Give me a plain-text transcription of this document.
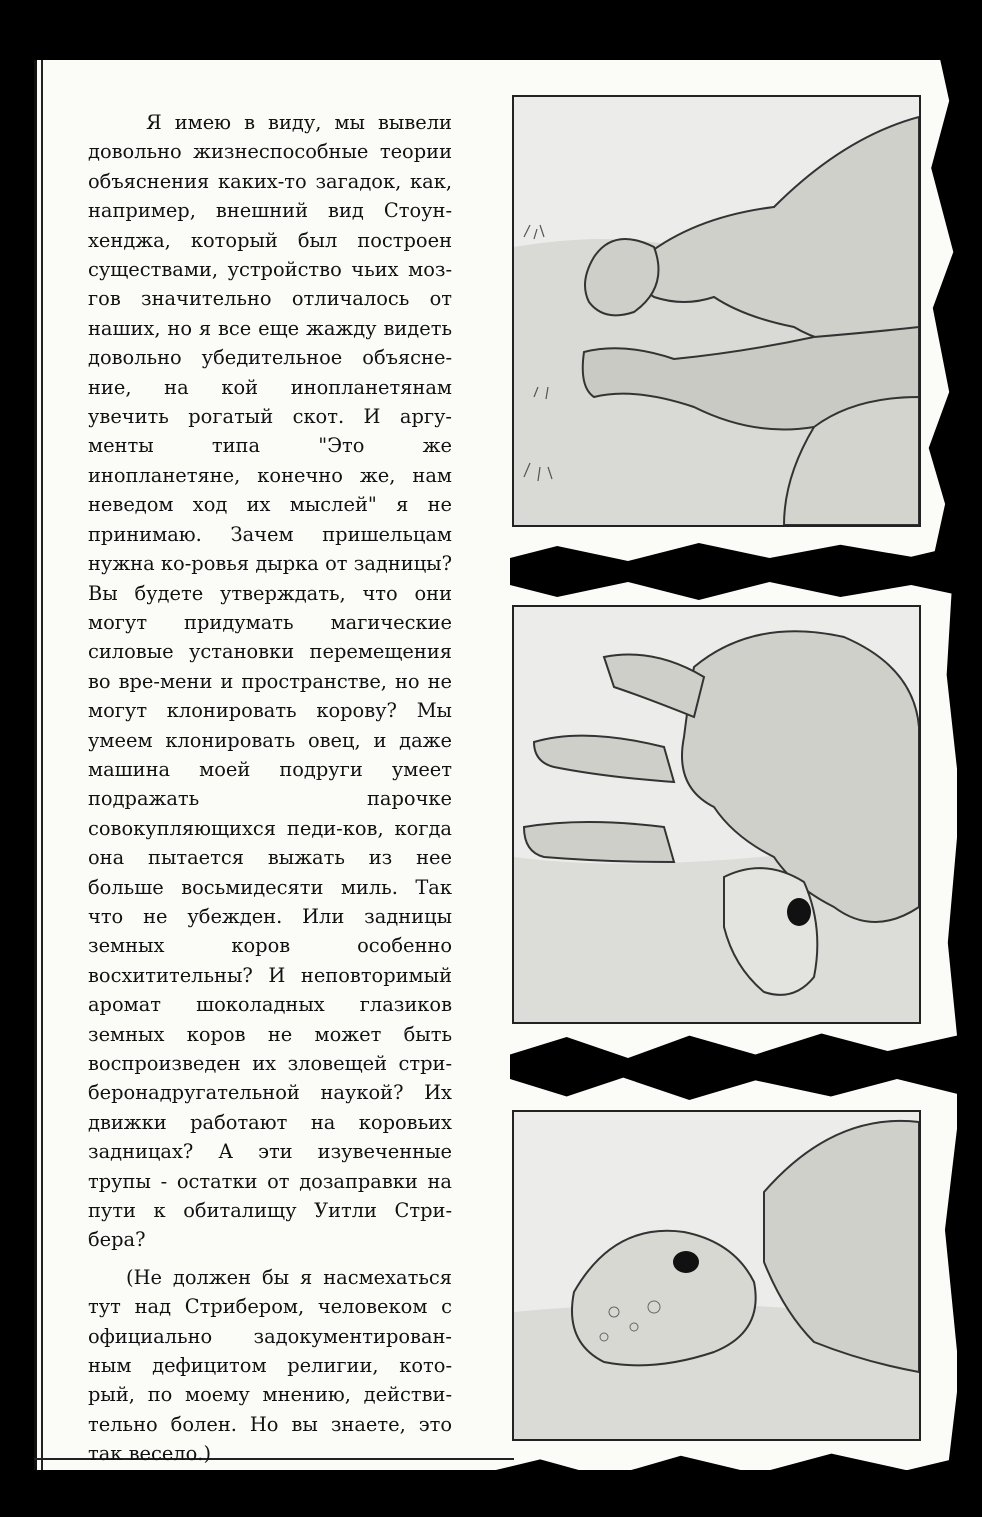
Я имею в виду, мы вывели довольно жизнеспособные теории объяснения каких-то загадок, как, например, внешний вид Стоун-хенджа, который был построен существами, устройство чьих моз-гов значительно отличалось от наших, но я все еще жажду видеть довольно убедительное объясне-ние, на кой инопланетянам увечить рогатый скот. И аргу-менты типа "Это же инопланетяне, конечно же, нам неведом ход их мыслей" я не принимаю. Зачем пришельцам нужна ко-ровья дырка от задницы? Вы будете утверждать, что они могут придумать магические силовые установки перемещения во вре-мени и пространстве, но не могут клонировать корову? Мы умеем клонировать овец, и даже машина моей подруги умеет подражать парочке совокупляющихся педи-ков, когда она пытается выжать из нее больше восьмидесяти миль. Так что не убежден. Или задницы земных коров особенно восхитительны? И неповторимый аромат шоколадных глазиков земных коров не может быть воспроизведен их зловещей стри-беронадругательной наукой? Их движки работают на коровьих задницах? А эти изувеченные трупы - остатки от дозаправки на пути к обиталищу Уитли Стри-бера?

(Не должен бы я насмехаться тут над Стрибером, человеком с официально задокументирован-ным дефицитом религии, кото-рый, по моему мнению, действи-тельно болен. Но вы знаете, это так весело.)
